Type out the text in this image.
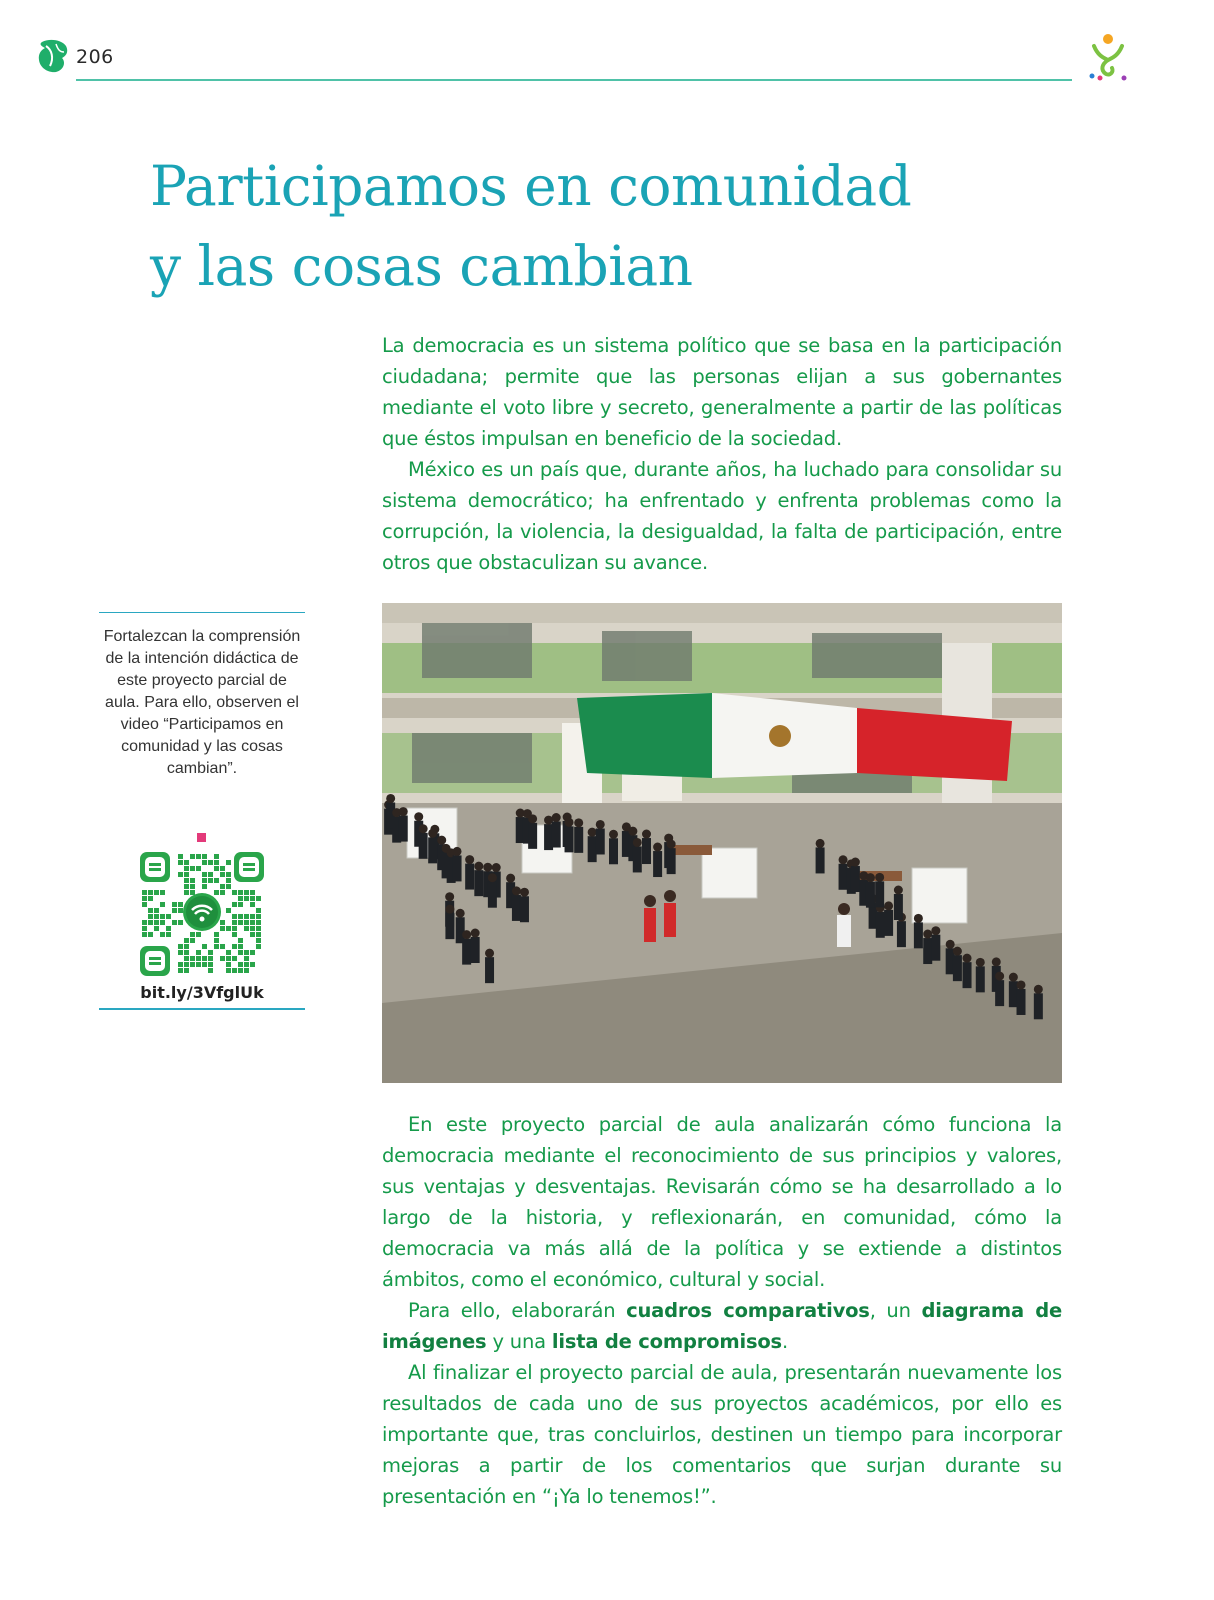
206
Participamos en comunidad
y las cosas cambian

La democracia es un sistema político que se basa en la participación ciudadana; permite que las personas elijan a sus gobernantes mediante el voto libre y secreto, generalmente a partir de las políticas que éstos impulsan en beneficio de la sociedad.

México es un país que, durante años, ha luchado para consolidar su sistema democrático; ha enfrentado y enfrenta problemas como la corrupción, la violencia, la desigualdad, la falta de participación, entre otros que obstaculizan su avance.

Fortalezcan la comprensión de la intención didáctica de este proyecto parcial de aula. Para ello, observen el video “Participamos en comunidad y las cosas cambian”.
bit.ly/3VfglUk

En este proyecto parcial de aula analizarán cómo funciona la democracia mediante el reconocimiento de sus principios y valores, sus ventajas y desventajas. Revisarán cómo se ha desarrollado a lo largo de la historia, y reflexionarán, en comunidad, cómo la democracia va más allá de la política y se extiende a distintos ámbitos, como el económico, cultural y social.

Para ello, elaborarán cuadros comparativos, un diagrama de imágenes y una lista de compromisos.

Al finalizar el proyecto parcial de aula, presentarán nuevamente los resultados de cada uno de sus proyectos académicos, por ello es importante que, tras concluirlos, destinen un tiempo para incorporar mejoras a partir de los comentarios que surjan durante su presentación en “¡Ya lo tenemos!”.
